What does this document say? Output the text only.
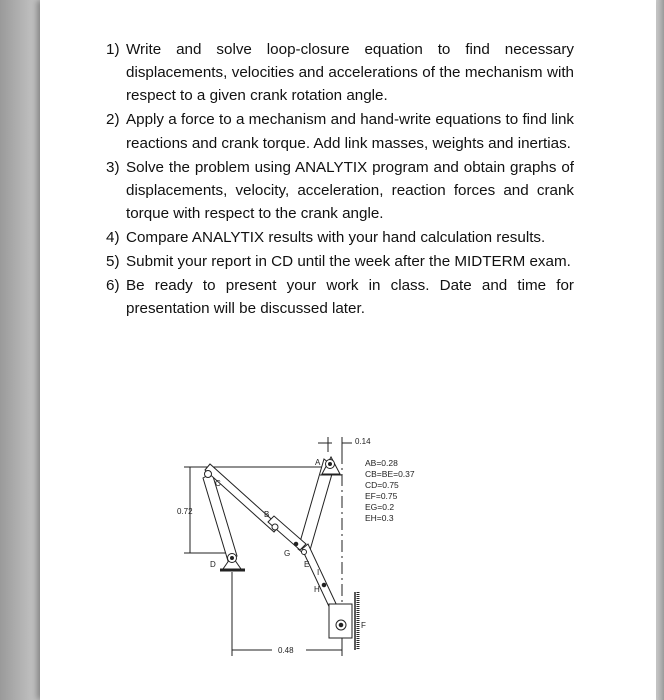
1) Write and solve loop-closure equation to find necessary displacements, velocities and accelerations of the mechanism with respect to a given crank rotation angle.
2) Apply a force to a mechanism and hand-write equations to find link reactions and crank torque. Add link masses, weights and inertias.
3) Solve the problem using ANALYTIX program and obtain graphs of displacements, velocity, acceleration, reaction forces and crank torque with respect to the crank angle.
4) Compare ANALYTIX results with your hand calculation results.
5) Submit your report in CD until the week after the MIDTERM exam.
6) Be ready to present your work in class. Date and time for presentation will be discussed later.
A
C
B
D
G
E
H
I
F
0.14
0.72
0.48
AB=0.28
CB=BE=0.37
CD=0.75
EF=0.75
EG=0.2
EH=0.3
